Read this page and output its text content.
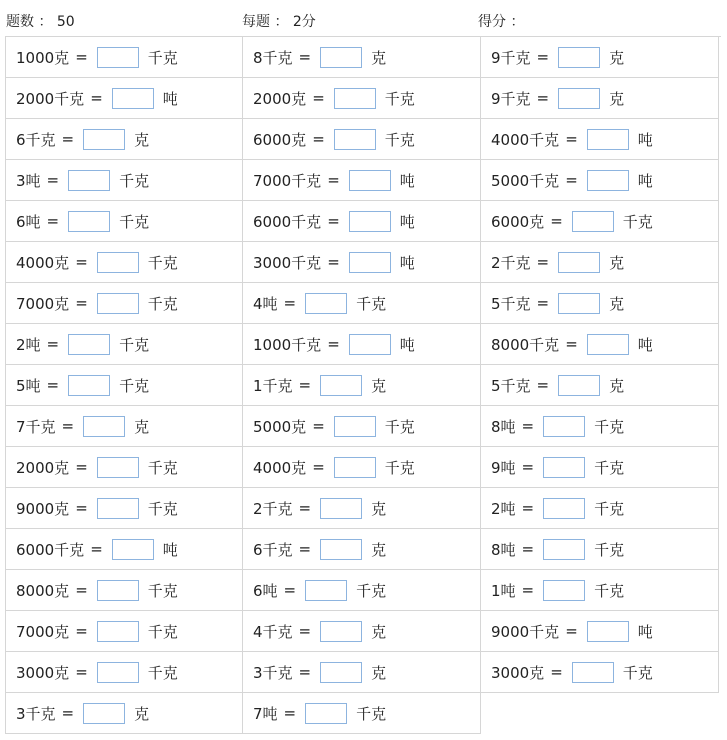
题数 ： 50	每题 ： 2分	得分 ：
1000克 =	千克	8千克 =	克	9千克 =	克
2000千克 =	吨	2000克 =	千克	9千克 =	克
6千克 =	克	6000克 =	千克	4000千克 =	吨
3吨 =	千克	7000千克 =	吨	5000千克 =	吨
6吨 =	千克	6000千克 =	吨	6000克 =	千克
4000克 =	千克	3000千克 =	吨	2千克 =	克
7000克 =	千克	4吨 =	千克	5千克 =	克
2吨 =	千克	1000千克 =	吨	8000千克 =	吨
5吨 =	千克	1千克 =	克	5千克 =	克
7千克 =	克	5000克 =	千克	8吨 =	千克
2000克 =	千克	4000克 =	千克	9吨 =	千克
9000克 =	千克	2千克 =	克	2吨 =	千克
6000千克 =	吨	6千克 =	克	8吨 =	千克
8000克 =	千克	6吨 =	千克	1吨 =	千克
7000克 =	千克	4千克 =	克	9000千克 =	吨
3000克 =	千克	3千克 =	克	3000克 =	千克
3千克 =	克	7吨 =	千克
